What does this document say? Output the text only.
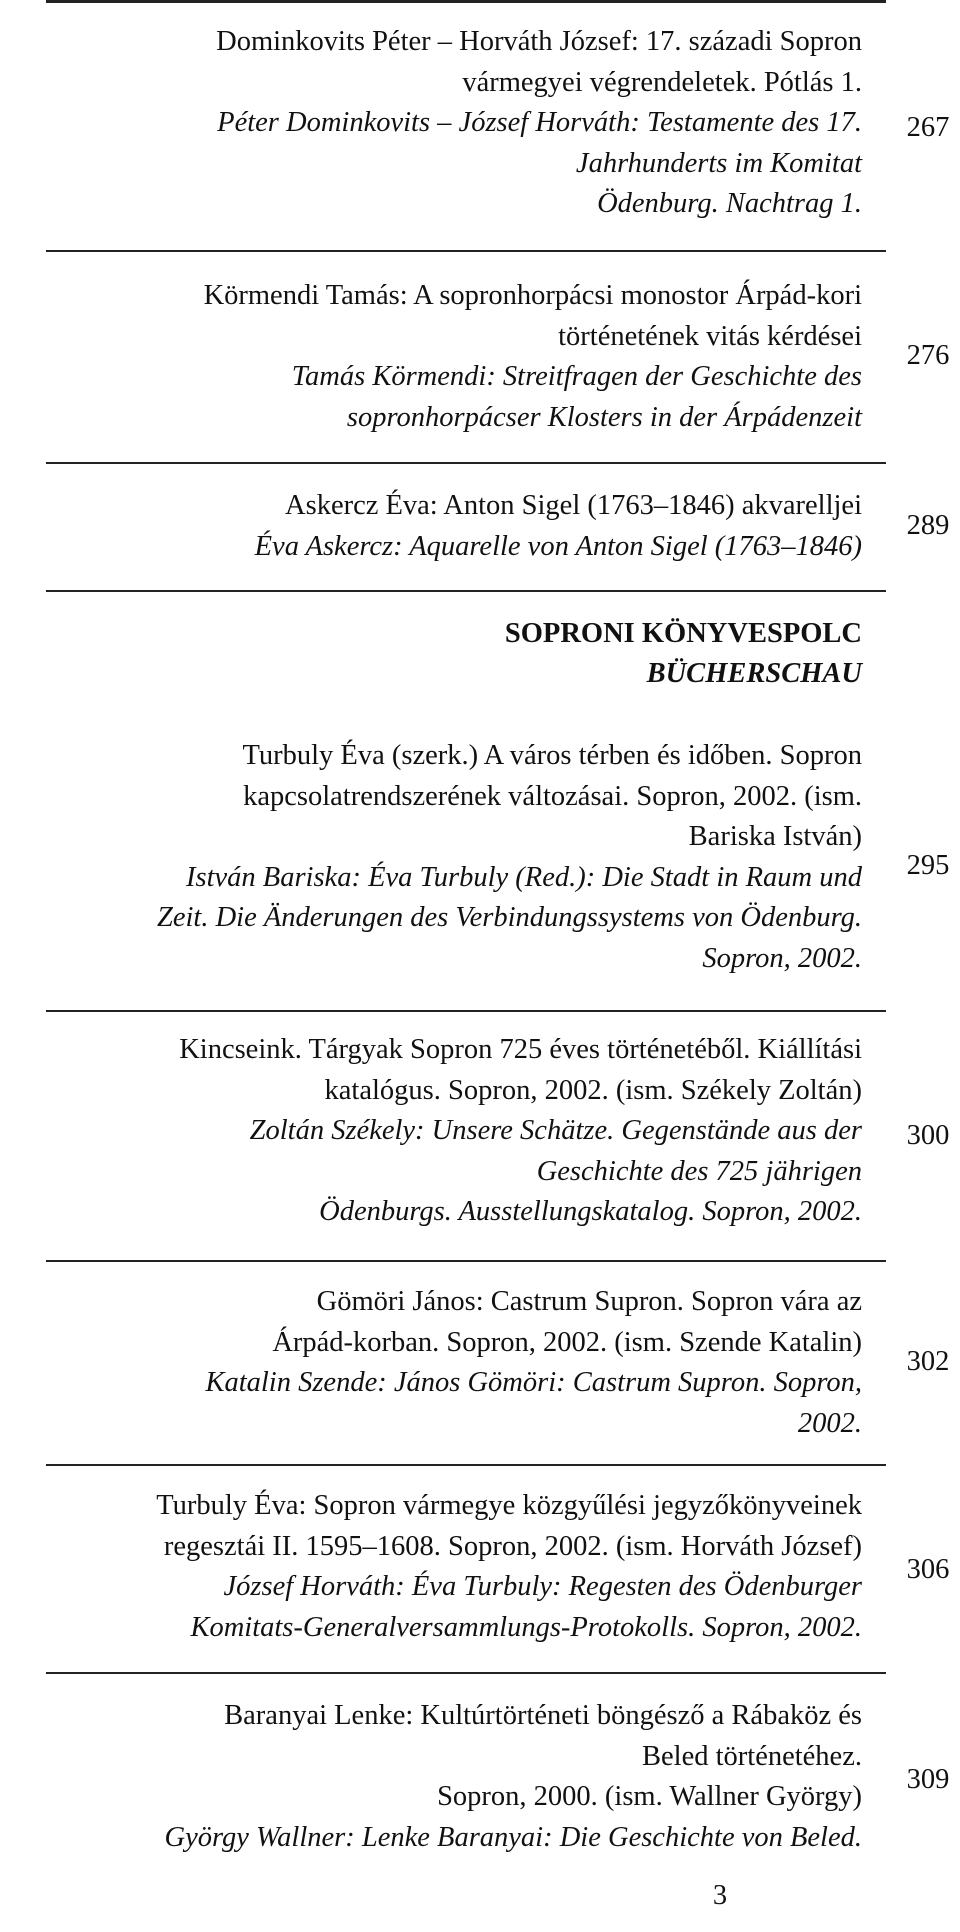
Dominkovits Péter – Horváth József: 17. századi Sopron
vármegyei végrendeletek. Pótlás 1.
Péter Dominkovits – József Horváth: Testamente des 17.
Jahrhunderts im Komitat
Ödenburg. Nachtrag 1.
267
Körmendi Tamás: A sopronhorpácsi monostor Árpád-kori
történetének vitás kérdései
Tamás Körmendi: Streitfragen der Geschichte des
sopronhorpácser Klosters in der Árpádenzeit
276
Askercz Éva: Anton Sigel (1763–1846) akvarelljei
Éva Askercz: Aquarelle von Anton Sigel (1763–1846)
289
SOPRONI KÖNYVESPOLC
BÜCHERSCHAU
Turbuly Éva (szerk.) A város térben és időben. Sopron
kapcsolatrendszerének változásai. Sopron, 2002. (ism.
Bariska István)
István Bariska: Éva Turbuly (Red.): Die Stadt in Raum und
Zeit. Die Änderungen des Verbindungssystems von Ödenburg.
Sopron, 2002.
295
Kincseink. Tárgyak Sopron 725 éves történetéből. Kiállítási
katalógus. Sopron, 2002. (ism. Székely Zoltán)
Zoltán Székely: Unsere Schätze. Gegenstände aus der
Geschichte des 725 jährigen
Ödenburgs. Ausstellungskatalog. Sopron, 2002.
300
Gömöri János: Castrum Supron. Sopron vára az
Árpád-korban. Sopron, 2002. (ism. Szende Katalin)
Katalin Szende: János Gömöri: Castrum Supron. Sopron,
2002.
302
Turbuly Éva: Sopron vármegye közgyűlési jegyzőkönyveinek
regesztái II. 1595–1608. Sopron, 2002. (ism. Horváth József)
József Horváth: Éva Turbuly: Regesten des Ödenburger
Komitats-Generalversammlungs-Protokolls. Sopron, 2002.
306
Baranyai Lenke: Kultúrtörténeti böngésző a Rábaköz és
Beled történetéhez.
Sopron, 2000. (ism. Wallner György)
György Wallner: Lenke Baranyai: Die Geschichte von Beled.
309
3
